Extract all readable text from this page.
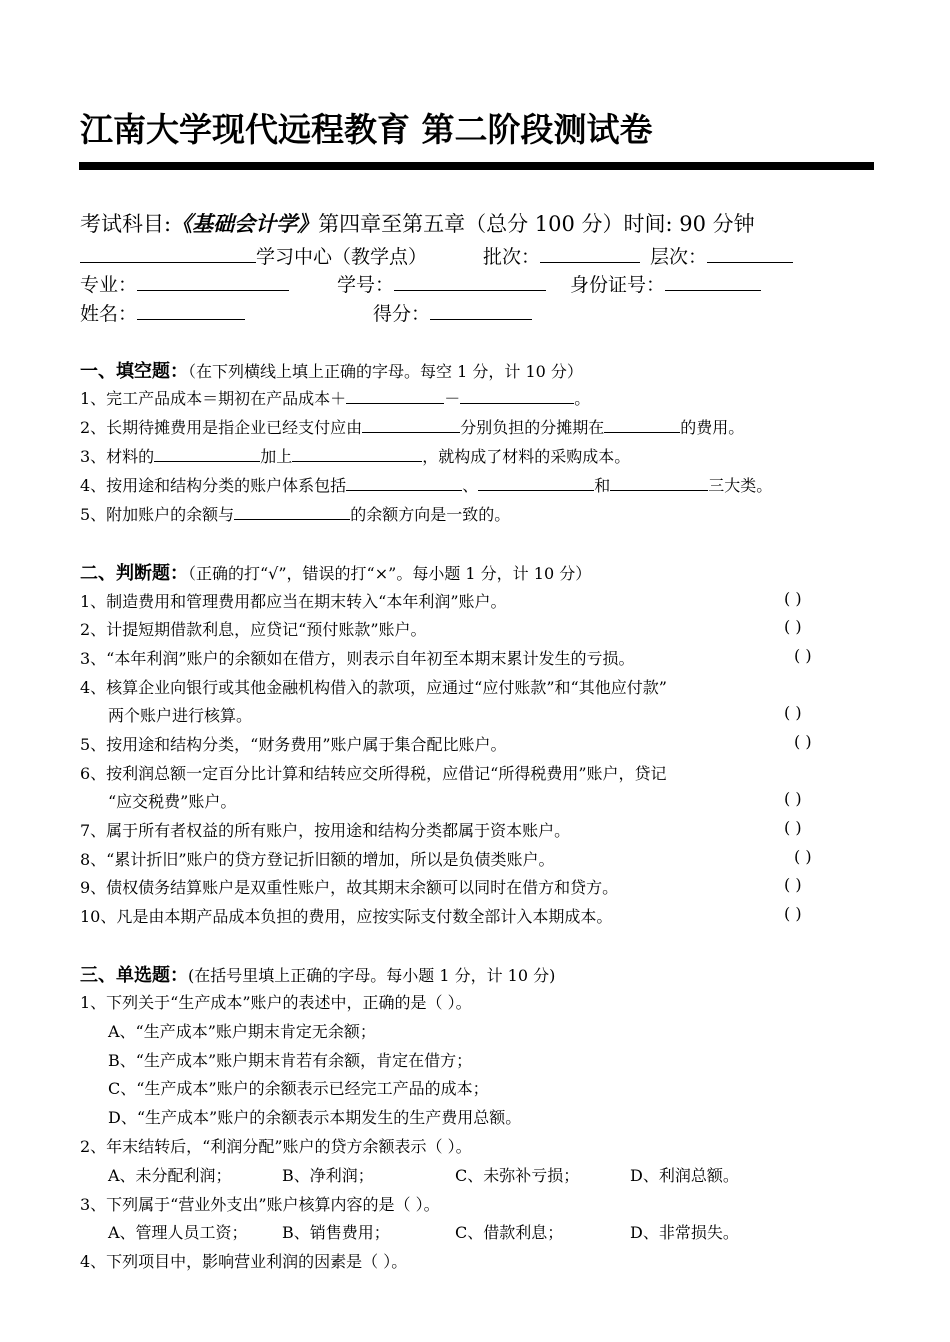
江南大学现代远程教育 第二阶段测试卷
考试科目:《基础会计学》第四章至第五章（总分 100 分）时间: 90 分钟
学习中心（教学点）	批次：	层次：
专业：	学号：	身份证号：
姓名：	得分：
一、填空题：（在下列横线上填上正确的字母。每空 1 分，计 10 分）
1、完工产品成本＝期初在产品成本＋	－	。
2、长期待摊费用是指企业已经支付应由	分别负担的分摊期在	的费用。
3、材料的	加上	，就构成了材料的采购成本。
4、按用途和结构分类的账户体系包括	、	和	三大类。
5、附加账户的余额与	的余额方向是一致的。
二、判断题：（正确的打“√”，错误的打“×”。每小题 1 分，计 10 分）
1、制造费用和管理费用都应当在期末转入“本年利润”账户。	( )
2、计提短期借款利息，应贷记“预付账款”账户。	( )
3、“本年利润”账户的余额如在借方，则表示自年初至本期末累计发生的亏损。	( )
4、核算企业向银行或其他金融机构借入的款项，应通过“应付账款”和“其他应付款”
两个账户进行核算。	( )
5、按用途和结构分类，“财务费用”账户属于集合配比账户。	( )
6、按利润总额一定百分比计算和结转应交所得税，应借记“所得税费用”账户，贷记
“应交税费”账户。	( )
7、属于所有者权益的所有账户，按用途和结构分类都属于资本账户。	( )
8、“累计折旧”账户的贷方登记折旧额的增加，所以是负债类账户。	( )
9、债权债务结算账户是双重性账户，故其期末余额可以同时在借方和贷方。	( )
10、凡是由本期产品成本负担的费用，应按实际支付数全部计入本期成本。	( )
三、单选题：(在括号里填上正确的字母。每小题 1 分，计 10 分)
1、下列关于“生产成本”账户的表述中，正确的是（ ）。
A、“生产成本”账户期末肯定无余额；
B、“生产成本”账户期末肯若有余额，肯定在借方；
C、“生产成本”账户的余额表示已经完工产品的成本；
D、“生产成本”账户的余额表示本期发生的生产费用总额。
2、年末结转后，“利润分配”账户的贷方余额表示（ ）。
A、未分配利润；	B、净利润；	C、未弥补亏损；	D、利润总额。
3、下列属于“营业外支出”账户核算内容的是（ ）。
A、管理人员工资； B、销售费用；	C、借款利息；	D、非常损失。
4、下列项目中，影响营业利润的因素是（ ）。
